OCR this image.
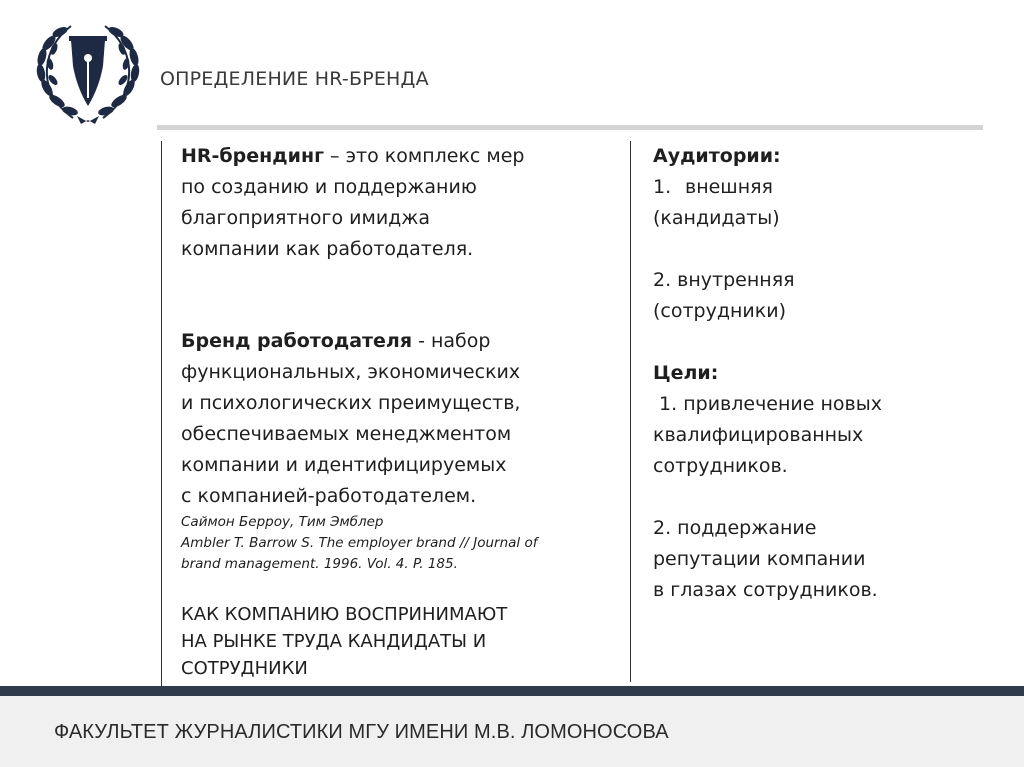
ОПРЕДЕЛЕНИЕ HR-БРЕНДА

HR-брендинг – это комплекс мер

по созданию и поддержанию

благоприятного имиджа

компании как работодателя.

Бренд работодателя - набор

функциональных, экономических

и психологических преимуществ,

обеспечиваемых менеджментом

компании и идентифицируемых

с компанией-работодателем.

Саймон Берроу, Тим Эмблер
Ambler T. Barrow S. The employer brand // Journal of
brand management. 1996. Vol. 4. P. 185.
КАК КОМПАНИЮ ВОСПРИНИМАЮТ
НА РЫНКЕ ТРУДА КАНДИДАТЫ И
СОТРУДНИКИ
Аудитории:
1. внешняя
(кандидаты)
2. внутренняя
(сотрудники)
Цели:
1. привлечение новых
квалифицированных
сотрудников.
2. поддержание
репутации компании
в глазах сотрудников.
ФАКУЛЬТЕТ ЖУРНАЛИСТИКИ МГУ ИМЕНИ М.В. ЛОМОНОСОВА
